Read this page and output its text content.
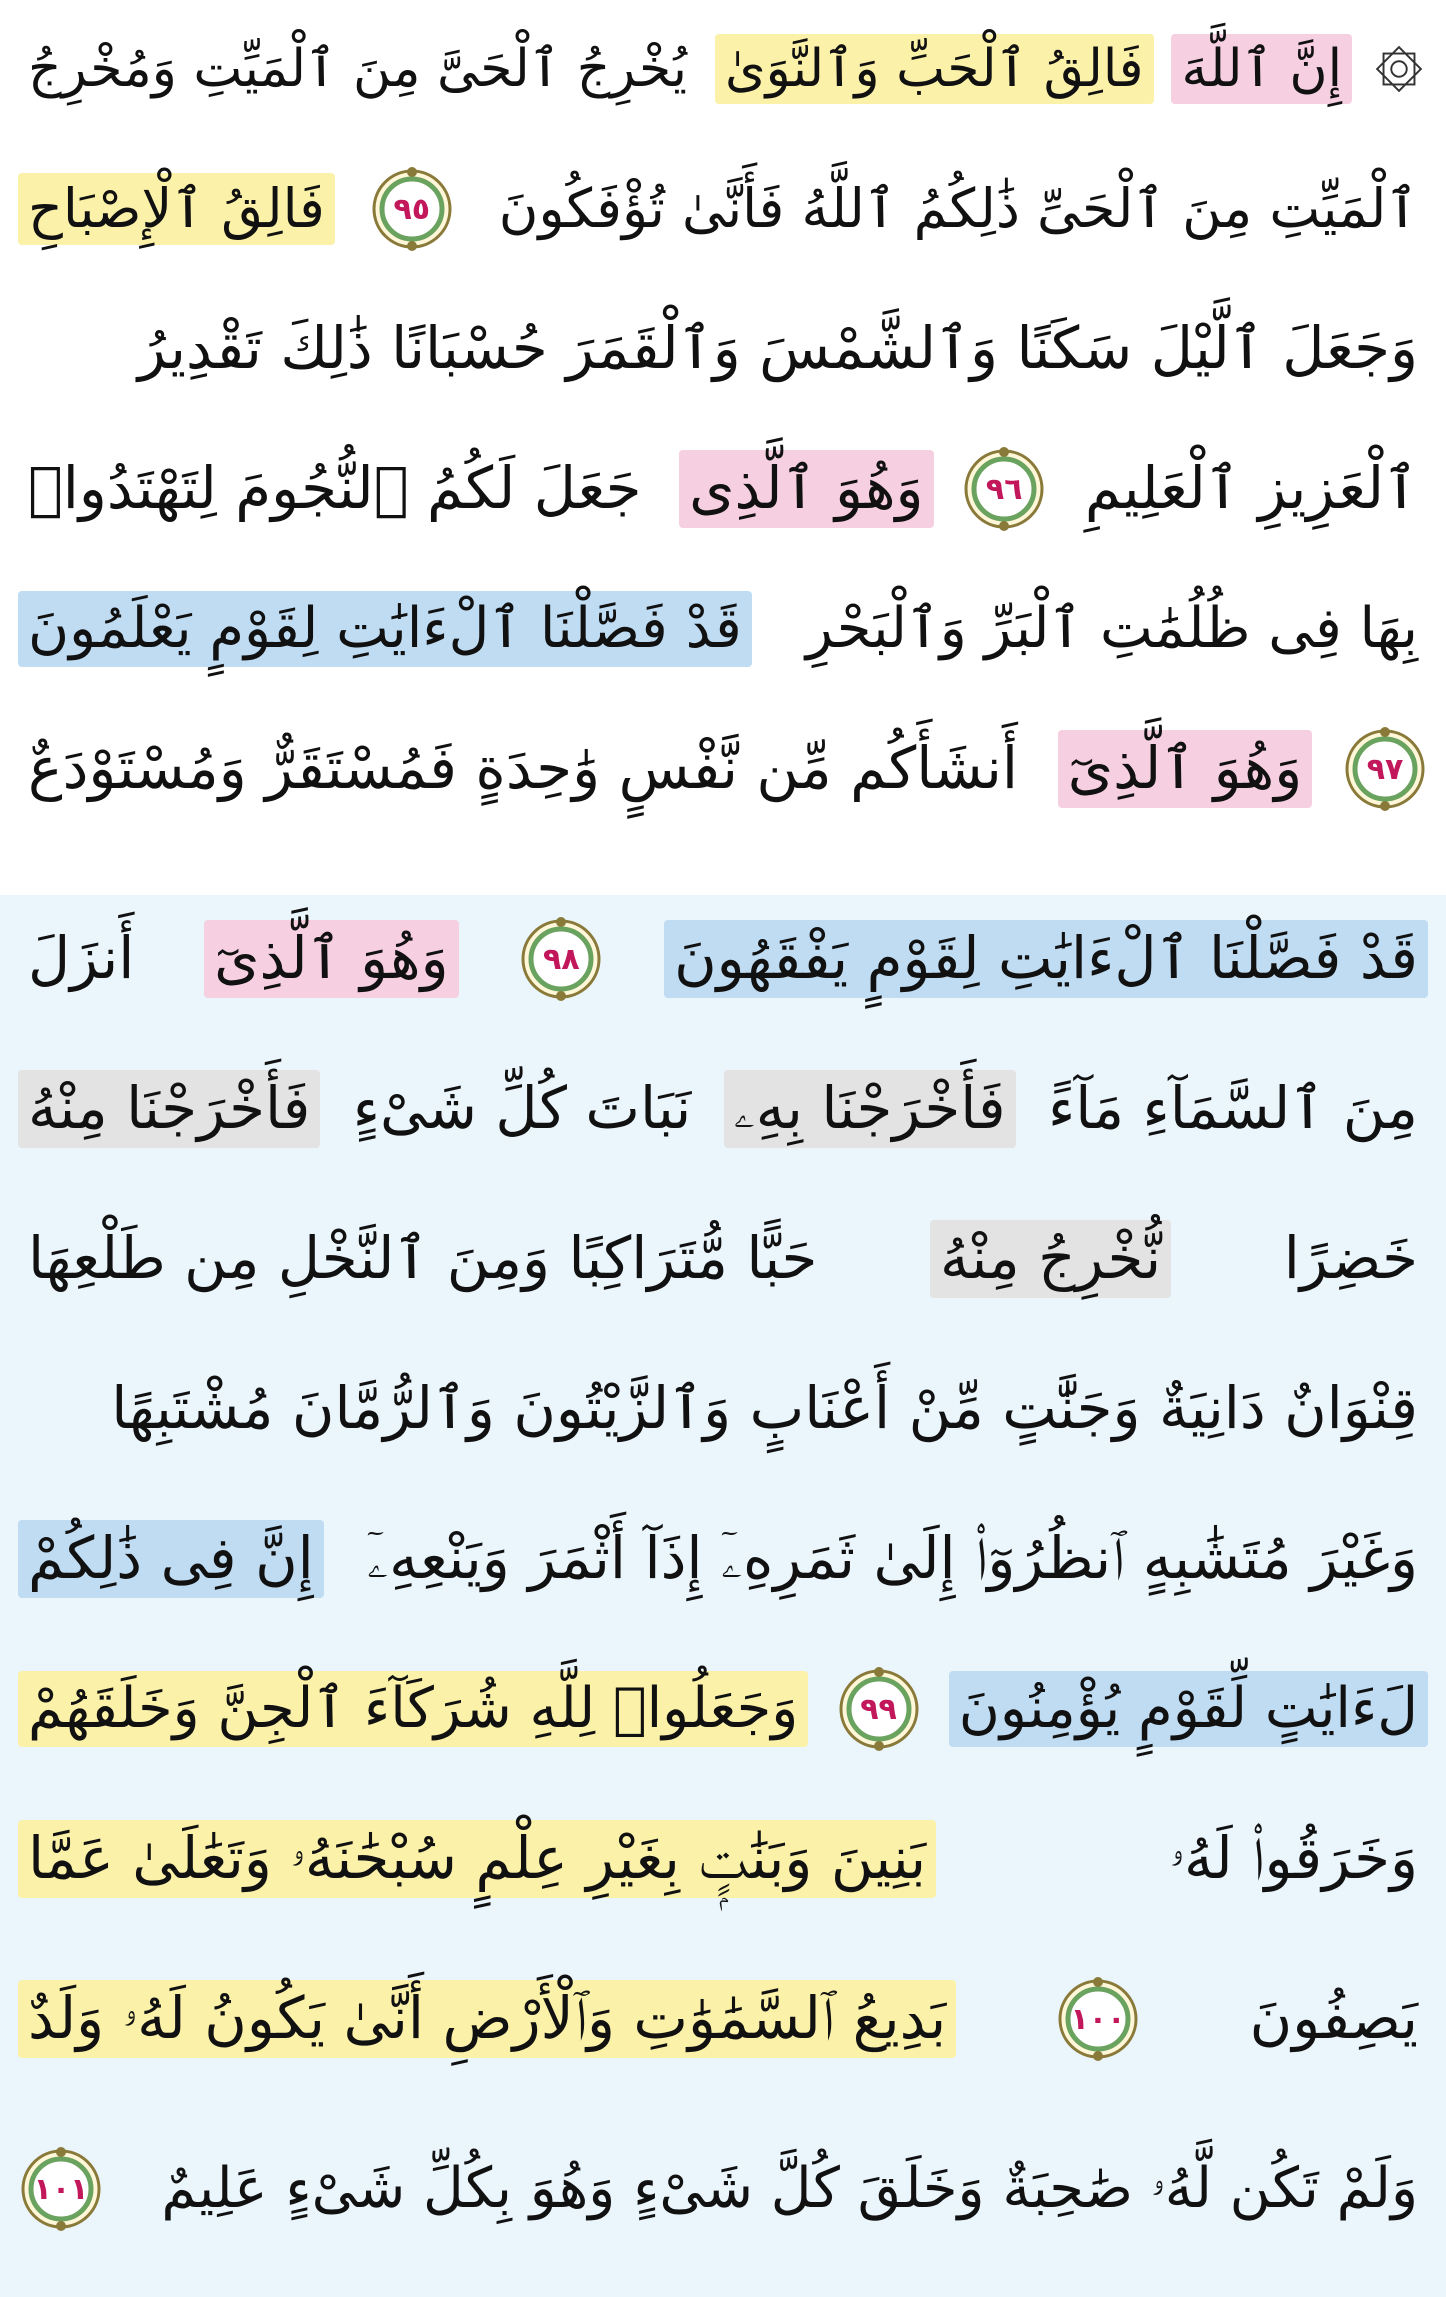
إِنَّ ٱللَّهَ
فَالِقُ ٱلْحَبِّ وَٱلنَّوَىٰ
يُخْرِجُ ٱلْحَىَّ مِنَ ٱلْمَيِّتِ وَمُخْرِجُ
ٱلْمَيِّتِ مِنَ ٱلْحَىِّ ذَٰلِكُمُ ٱللَّهُ فَأَنَّىٰ تُؤْفَكُونَ
٩٥
فَالِقُ ٱلْإِصْبَاحِ
وَجَعَلَ ٱلَّيْلَ سَكَنًا وَٱلشَّمْسَ وَٱلْقَمَرَ حُسْبَانًا ذَٰلِكَ تَقْدِيرُ
ٱلْعَزِيزِ ٱلْعَلِيمِ
٩٦
وَهُوَ ٱلَّذِى
جَعَلَ لَكُمُ ٱلنُّجُومَ لِتَهْتَدُوا۟
بِهَا فِى ظُلُمَٰتِ ٱلْبَرِّ وَٱلْبَحْرِ
قَدْ فَصَّلْنَا ٱلْءَايَٰتِ لِقَوْمٍ يَعْلَمُونَ
٩٧
وَهُوَ ٱلَّذِىٓ
أَنشَأَكُم مِّن نَّفْسٍ وَٰحِدَةٍ فَمُسْتَقَرٌّ وَمُسْتَوْدَعٌ
قَدْ فَصَّلْنَا ٱلْءَايَٰتِ لِقَوْمٍ يَفْقَهُونَ
٩٨
وَهُوَ ٱلَّذِىٓ
أَنزَلَ
مِنَ ٱلسَّمَآءِ مَآءً
فَأَخْرَجْنَا بِهِۦ
نَبَاتَ كُلِّ شَىْءٍ
فَأَخْرَجْنَا مِنْهُ
خَضِرًا
نُّخْرِجُ مِنْهُ
حَبًّا مُّتَرَاكِبًا وَمِنَ ٱلنَّخْلِ مِن طَلْعِهَا
قِنْوَانٌ دَانِيَةٌ وَجَنَّٰتٍ مِّنْ أَعْنَابٍ وَٱلزَّيْتُونَ وَٱلرُّمَّانَ مُشْتَبِهًا
وَغَيْرَ مُتَشَٰبِهٍ ٱنظُرُوٓا۟ إِلَىٰ ثَمَرِهِۦٓ إِذَآ أَثْمَرَ وَيَنْعِهِۦٓ
إِنَّ فِى ذَٰلِكُمْ
لَءَايَٰتٍ لِّقَوْمٍ يُؤْمِنُونَ
٩٩
وَجَعَلُوا۟ لِلَّهِ شُرَكَآءَ ٱلْجِنَّ وَخَلَقَهُمْ
وَخَرَقُوا۟ لَهُۥ
بَنِينَ وَبَنَٰتٍۭ بِغَيْرِ عِلْمٍ سُبْحَٰنَهُۥ وَتَعَٰلَىٰ عَمَّا
يَصِفُونَ
١٠٠
بَدِيعُ ٱلسَّمَٰوَٰتِ وَٱلْأَرْضِ أَنَّىٰ يَكُونُ لَهُۥ وَلَدٌ
وَلَمْ تَكُن لَّهُۥ صَٰحِبَةٌ وَخَلَقَ كُلَّ شَىْءٍ وَهُوَ بِكُلِّ شَىْءٍ عَلِيمٌ
١٠١
